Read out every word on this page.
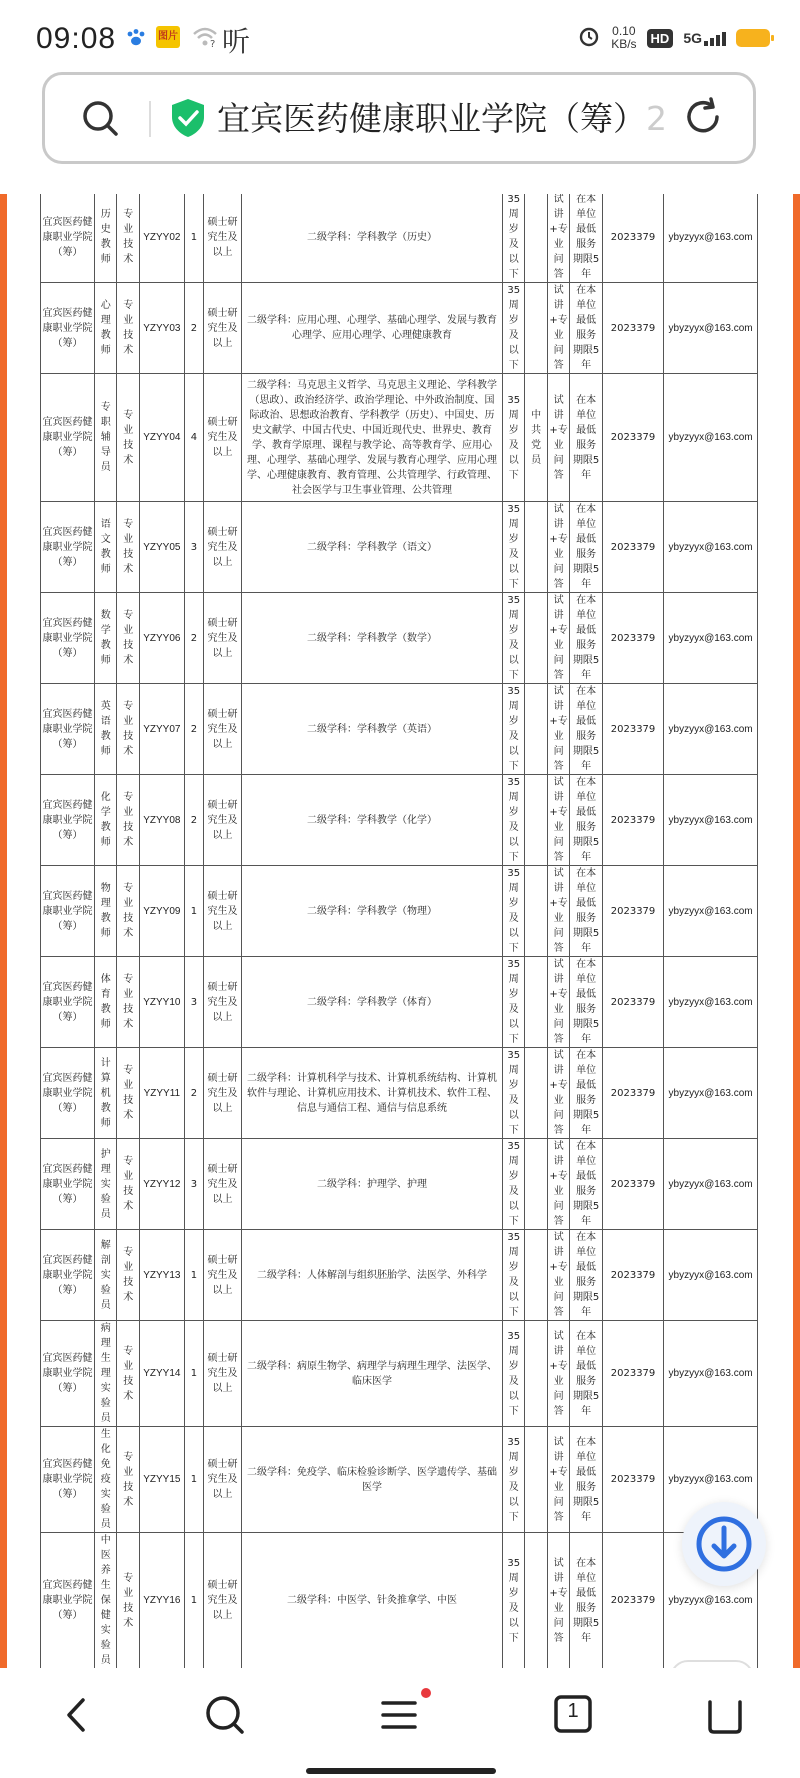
09:08	图片
? 听	0.10
KB/s	HD 5G
宜宾医药健康职业学院（筹）2
宜宾医药健康职业学院（筹）	历史教师	专业技术	YZYY02	1	硕士研究生及以上	二级学科：学科教学（历史）	35周岁及以下		试讲+专业问答	在本单位最低服务期限5年	2023379	ybyzyyx@163.com
宜宾医药健康职业学院（筹）	心理教师	专业技术	YZYY03	2	硕士研究生及以上	二级学科：应用心理、心理学、基础心理学、发展与教育心理学、应用心理学、心理健康教育	35周岁及以下		试讲+专业问答	在本单位最低服务期限5年	2023379	ybyzyyx@163.com
宜宾医药健康职业学院（筹）	专职辅导员	专业技术	YZYY04	4	硕士研究生及以上	二级学科：马克思主义哲学、马克思主义理论、学科教学（思政）、政治经济学、政治学理论、中外政治制度、国际政治、思想政治教育、学科教学（历史）、中国史、历史文献学、中国古代史、中国近现代史、世界史、教育学、教育学原理、课程与教学论、高等教育学、应用心理、心理学、基础心理学、发展与教育心理学、应用心理学、心理健康教育、教育管理、公共管理学、行政管理、社会医学与卫生事业管理、公共管理	35周岁及以下	中共党员	试讲+专业问答	在本单位最低服务期限5年	2023379	ybyzyyx@163.com
宜宾医药健康职业学院（筹）	语文教师	专业技术	YZYY05	3	硕士研究生及以上	二级学科：学科教学（语文）	35周岁及以下		试讲+专业问答	在本单位最低服务期限5年	2023379	ybyzyyx@163.com
宜宾医药健康职业学院（筹）	数学教师	专业技术	YZYY06	2	硕士研究生及以上	二级学科：学科教学（数学）	35周岁及以下		试讲+专业问答	在本单位最低服务期限5年	2023379	ybyzyyx@163.com
宜宾医药健康职业学院（筹）	英语教师	专业技术	YZYY07	2	硕士研究生及以上	二级学科：学科教学（英语）	35周岁及以下		试讲+专业问答	在本单位最低服务期限5年	2023379	ybyzyyx@163.com
宜宾医药健康职业学院（筹）	化学教师	专业技术	YZYY08	2	硕士研究生及以上	二级学科：学科教学（化学）	35周岁及以下		试讲+专业问答	在本单位最低服务期限5年	2023379	ybyzyyx@163.com
宜宾医药健康职业学院（筹）	物理教师	专业技术	YZYY09	1	硕士研究生及以上	二级学科：学科教学（物理）	35周岁及以下		试讲+专业问答	在本单位最低服务期限5年	2023379	ybyzyyx@163.com
宜宾医药健康职业学院（筹）	体育教师	专业技术	YZYY10	3	硕士研究生及以上	二级学科：学科教学（体育）	35周岁及以下		试讲+专业问答	在本单位最低服务期限5年	2023379	ybyzyyx@163.com
宜宾医药健康职业学院（筹）	计算机教师	专业技术	YZYY11	2	硕士研究生及以上	二级学科：计算机科学与技术、计算机系统结构、计算机软件与理论、计算机应用技术、计算机技术、软件工程、信息与通信工程、通信与信息系统	35周岁及以下		试讲+专业问答	在本单位最低服务期限5年	2023379	ybyzyyx@163.com
宜宾医药健康职业学院（筹）	护理实验员	专业技术	YZYY12	3	硕士研究生及以上	二级学科：护理学、护理	35周岁及以下		试讲+专业问答	在本单位最低服务期限5年	2023379	ybyzyyx@163.com
宜宾医药健康职业学院（筹）	解剖实验员	专业技术	YZYY13	1	硕士研究生及以上	二级学科：人体解剖与组织胚胎学、法医学、外科学	35周岁及以下		试讲+专业问答	在本单位最低服务期限5年	2023379	ybyzyyx@163.com
宜宾医药健康职业学院（筹）	病理生理实验员	专业技术	YZYY14	1	硕士研究生及以上	二级学科：病原生物学、病理学与病理生理学、法医学、临床医学	35周岁及以下		试讲+专业问答	在本单位最低服务期限5年	2023379	ybyzyyx@163.com
宜宾医药健康职业学院（筹）	生化免疫实验员	专业技术	YZYY15	1	硕士研究生及以上	二级学科：免疫学、临床检验诊断学、医学遗传学、基础医学	35周岁及以下		试讲+专业问答	在本单位最低服务期限5年	2023379	ybyzyyx@163.com
宜宾医药健康职业学院（筹）	中医养生保健实验员	专业技术	YZYY16	1	硕士研究生及以上	二级学科：中医学、针灸推拿学、中医	35周岁及以下		试讲+专业问答	在本单位最低服务期限5年	2023379	ybyzyyx@163.com

1
